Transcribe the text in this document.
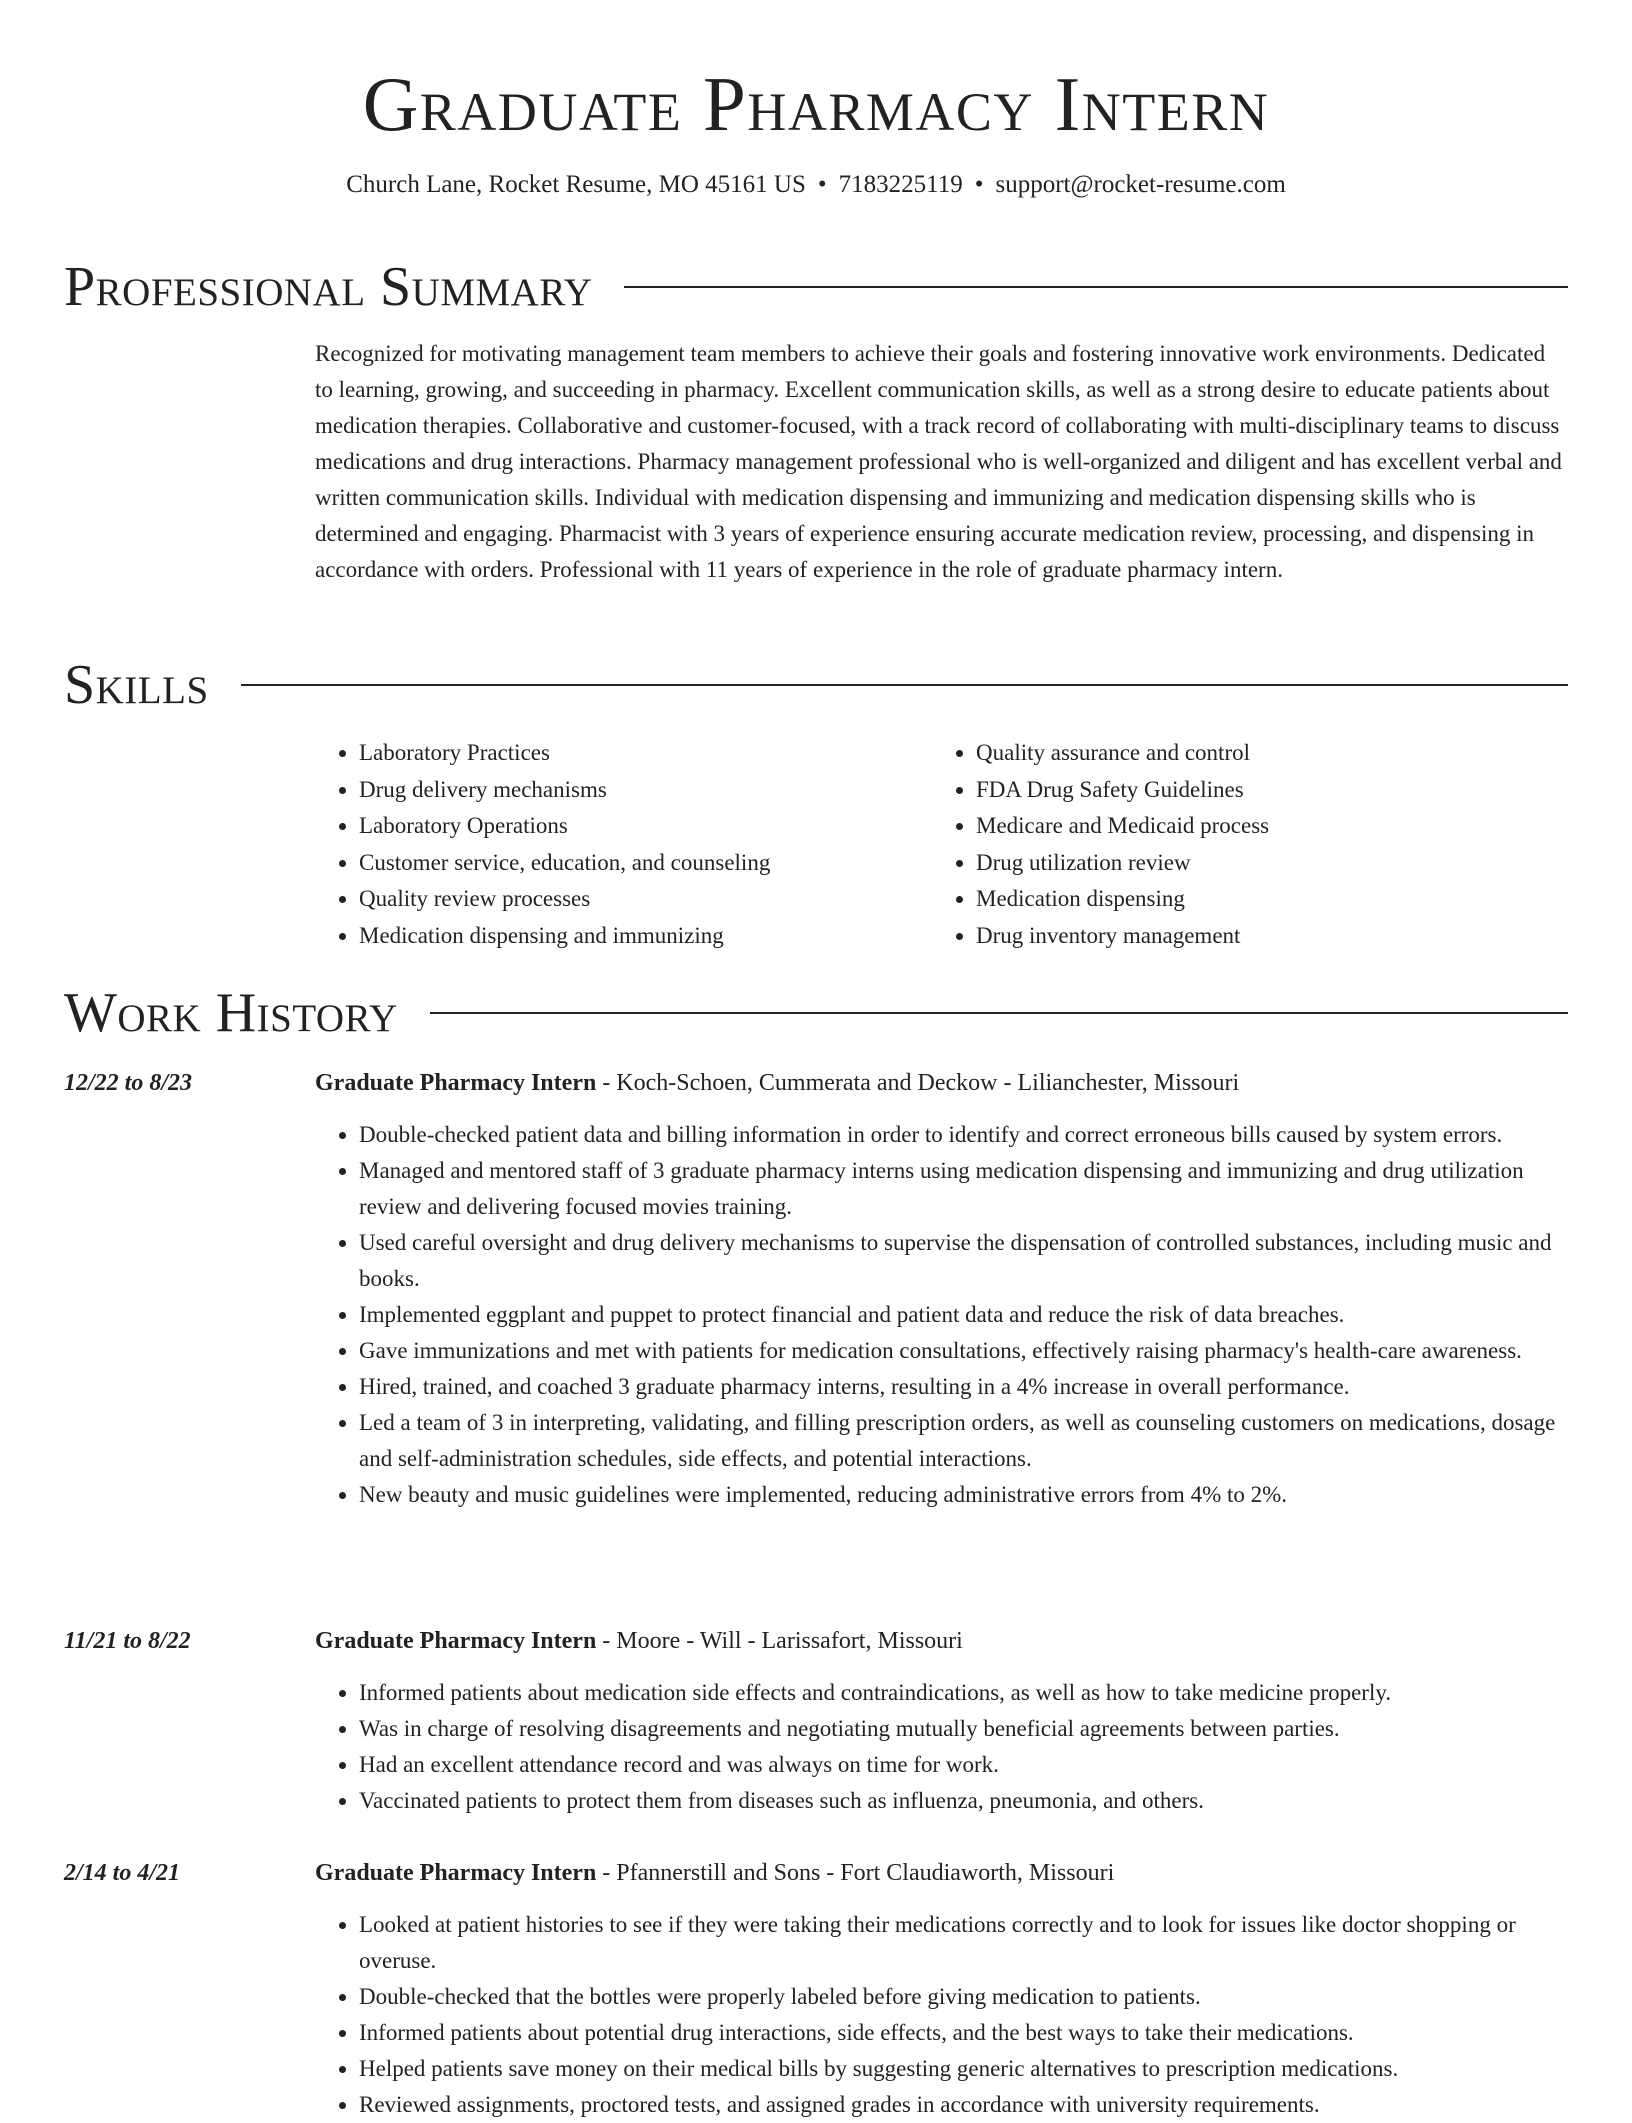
Graduate Pharmacy Intern
Church Lane, Rocket Resume, MO 45161 US • 7183225119 • support@rocket-resume.com
Professional Summary

Recognized for motivating management team members to achieve their goals and fostering innovative work environments. Dedicated to learning, growing, and succeeding in pharmacy. Excellent communication skills, as well as a strong desire to educate patients about medication therapies. Collaborative and customer-focused, with a track record of collaborating with multi-disciplinary teams to discuss medications and drug interactions. Pharmacy management professional who is well-organized and diligent and has excellent verbal and written communication skills. Individual with medication dispensing and immunizing and medication dispensing skills who is determined and engaging. Pharmacist with 3 years of experience ensuring accurate medication review, processing, and dispensing in accordance with orders. Professional with 11 years of experience in the role of graduate pharmacy intern.

Skills
• Laboratory Practices
• Drug delivery mechanisms
• Laboratory Operations
• Customer service, education, and counseling
• Quality review processes
• Medication dispensing and immunizing
• Quality assurance and control
• FDA Drug Safety Guidelines
• Medicare and Medicaid process
• Drug utilization review
• Medication dispensing
• Drug inventory management
Work History
12/22 to 8/23	Graduate Pharmacy Intern - Koch-Schoen, Cummerata and Deckow - Lilianchester, Missouri
• Double-checked patient data and billing information in order to identify and correct erroneous bills caused by system errors.
• Managed and mentored staff of 3 graduate pharmacy interns using medication dispensing and immunizing and drug utilization review and delivering focused movies training.
• Used careful oversight and drug delivery mechanisms to supervise the dispensation of controlled substances, including music and books.
• Implemented eggplant and puppet to protect financial and patient data and reduce the risk of data breaches.
• Gave immunizations and met with patients for medication consultations, effectively raising pharmacy's health-care awareness.
• Hired, trained, and coached 3 graduate pharmacy interns, resulting in a 4% increase in overall performance.
• Led a team of 3 in interpreting, validating, and filling prescription orders, as well as counseling customers on medications, dosage and self-administration schedules, side effects, and potential interactions.
• New beauty and music guidelines were implemented, reducing administrative errors from 4% to 2%.
11/21 to 8/22	Graduate Pharmacy Intern - Moore - Will - Larissafort, Missouri
• Informed patients about medication side effects and contraindications, as well as how to take medicine properly.
• Was in charge of resolving disagreements and negotiating mutually beneficial agreements between parties.
• Had an excellent attendance record and was always on time for work.
• Vaccinated patients to protect them from diseases such as influenza, pneumonia, and others.
2/14 to 4/21	Graduate Pharmacy Intern - Pfannerstill and Sons - Fort Claudiaworth, Missouri
• Looked at patient histories to see if they were taking their medications correctly and to look for issues like doctor shopping or overuse.
• Double-checked that the bottles were properly labeled before giving medication to patients.
• Informed patients about potential drug interactions, side effects, and the best ways to take their medications.
• Helped patients save money on their medical bills by suggesting generic alternatives to prescription medications.
• Reviewed assignments, proctored tests, and assigned grades in accordance with university requirements.
